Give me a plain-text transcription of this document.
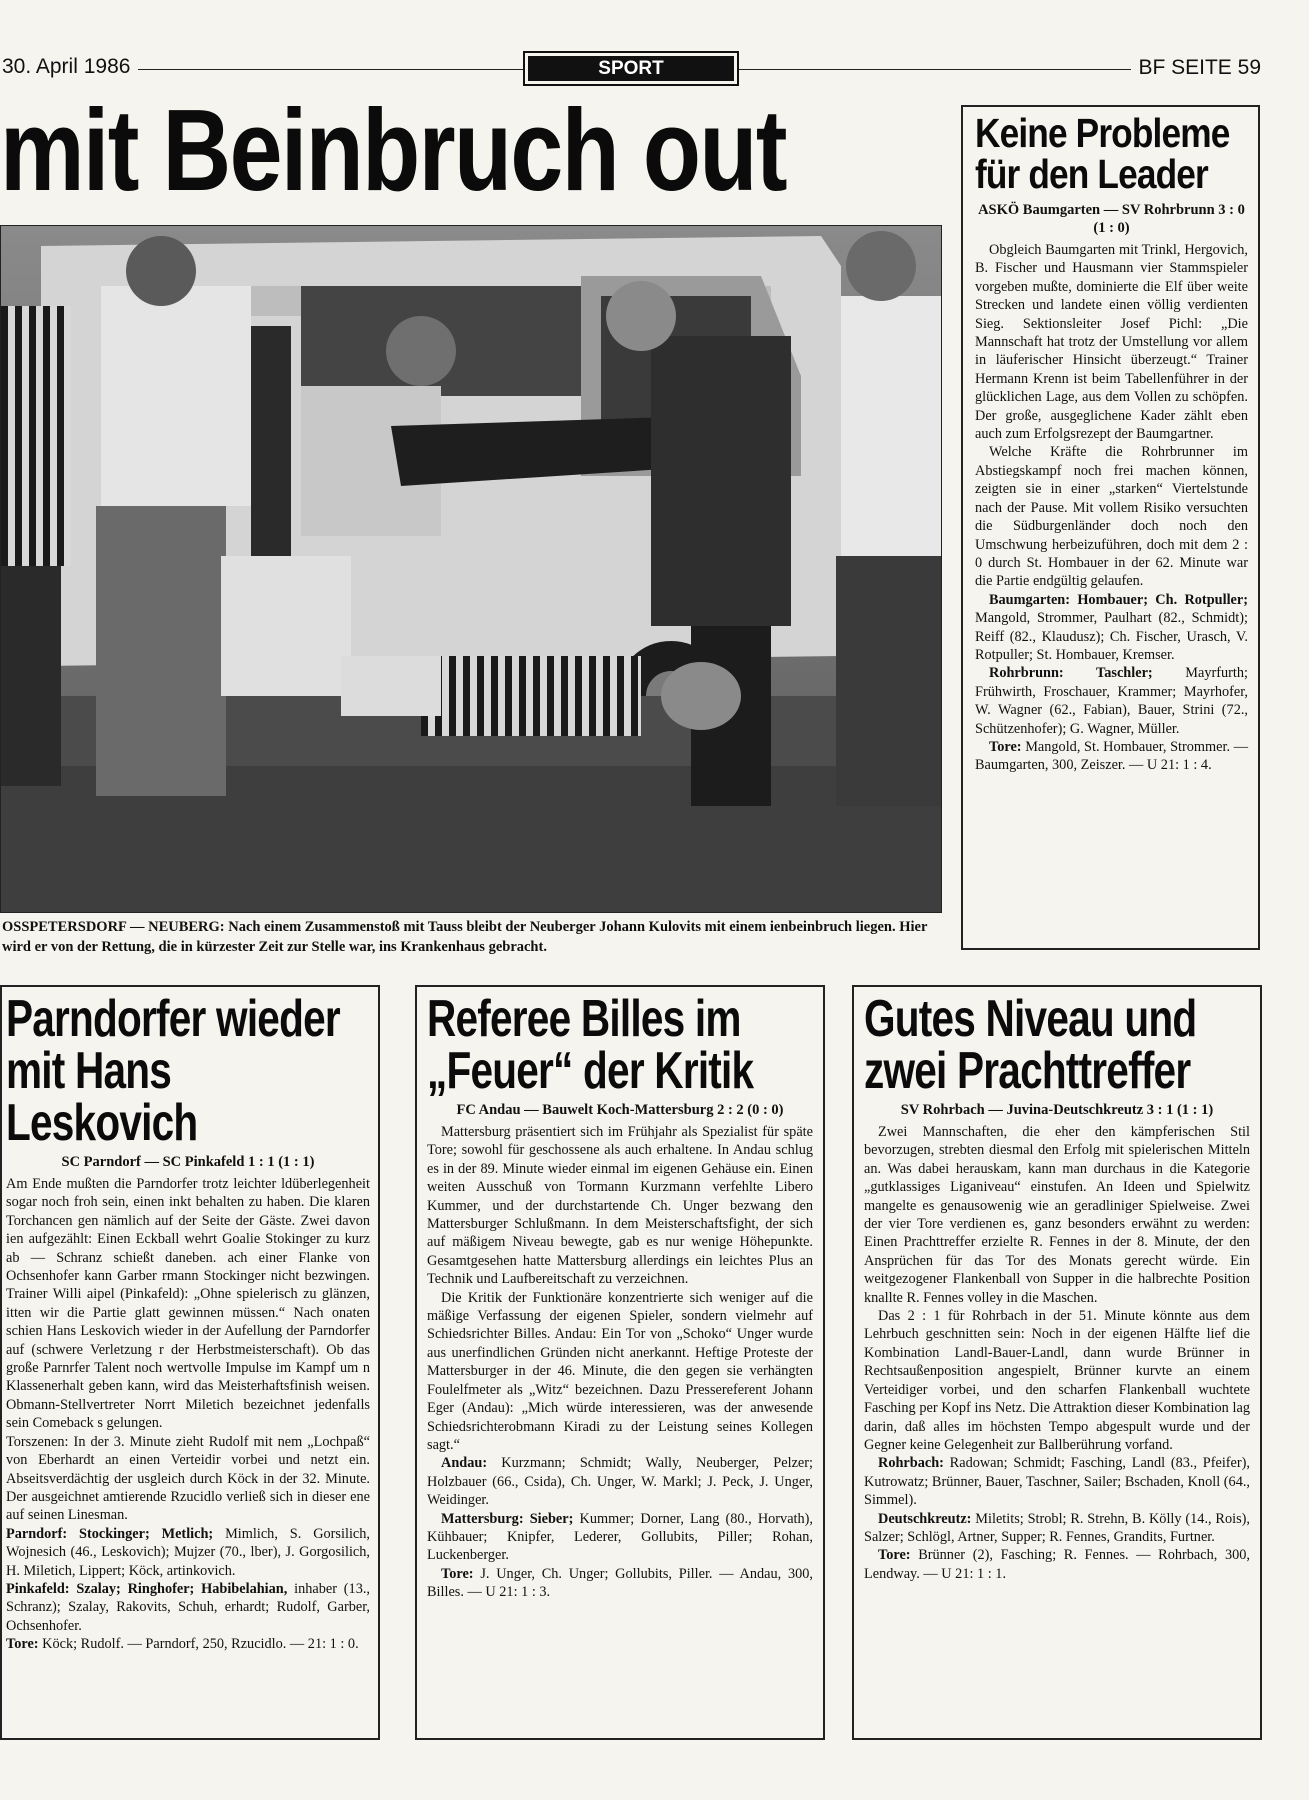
30. April 1986	SPORT	BF SEITE 59
mit Beinbruch out
OSSPETERSDORF — NEUBERG: Nach einem Zusammenstoß mit Tauss bleibt der Neuberger Johann Kulovits mit einem ienbeinbruch liegen. Hier wird er von der Rettung, die in kürzester Zeit zur Stelle war, ins Krankenhaus gebracht.
Keine Probleme für den Leader
ASKÖ Baumgarten — SV Rohrbrunn 3 : 0 (1 : 0)

Obgleich Baumgarten mit Trinkl, Hergovich, B. Fischer und Hausmann vier Stammspieler vorgeben mußte, dominierte die Elf über weite Strecken und landete einen völlig verdienten Sieg. Sektionsleiter Josef Pichl: „Die Mannschaft hat trotz der Umstellung vor allem in läuferischer Hinsicht überzeugt.“ Trainer Hermann Krenn ist beim Tabellenführer in der glücklichen Lage, aus dem Vollen zu schöpfen. Der große, ausgeglichene Kader zählt eben auch zum Erfolgsrezept der Baumgartner.

Welche Kräfte die Rohrbrunner im Abstiegskampf noch frei machen können, zeigten sie in einer „starken“ Viertelstunde nach der Pause. Mit vollem Risiko versuchten die Südburgenländer doch noch den Umschwung herbeizuführen, doch mit dem 2 : 0 durch St. Hombauer in der 62. Minute war die Partie endgültig gelaufen.

Baumgarten: Hombauer; Ch. Rotpuller; Mangold, Strommer, Paulhart (82., Schmidt); Reiff (82., Klaudusz); Ch. Fischer, Urasch, V. Rotpuller; St. Hombauer, Kremser.

Rohrbrunn: Taschler; Mayrfurth; Frühwirth, Froschauer, Krammer; Mayrhofer, W. Wagner (62., Fabian), Bauer, Strini (72., Schützenhofer); G. Wagner, Müller.

Tore: Mangold, St. Hombauer, Strommer. — Baumgarten, 300, Zeiszer. — U 21: 1 : 4.

Parndorfer wieder mit Hans Leskovich
SC Parndorf — SC Pinkafeld 1 : 1 (1 : 1)

Am Ende mußten die Parndorfer trotz leichter ldüberlegenheit sogar noch froh sein, einen inkt behalten zu haben. Die klaren Torchancen gen nämlich auf der Seite der Gäste. Zwei davon ien aufgezählt: Einen Eckball wehrt Goalie Stokinger zu kurz ab — Schranz schießt daneben. ach einer Flanke von Ochsenhofer kann Garber rmann Stockinger nicht bezwingen. Trainer Willi aipel (Pinkafeld): „Ohne spielerisch zu glänzen, itten wir die Partie glatt gewinnen müssen.“ Nach onaten schien Hans Leskovich wieder in der Aufellung der Parndorfer auf (schwere Verletzung r der Herbstmeisterschaft). Ob das große Parnrfer Talent noch wertvolle Impulse im Kampf um n Klassenerhalt geben kann, wird das Meisterhaftsfinish weisen. Obmann-Stellvertreter Norrt Miletich bezeichnet jedenfalls sein Comeback s gelungen.

Torszenen: In der 3. Minute zieht Rudolf mit nem „Lochpaß“ von Eberhardt an einen Verteidir vorbei und netzt ein. Abseitsverdächtig der usgleich durch Köck in der 32. Minute. Der ausgeichnet amtierende Rzucidlo verließ sich in dieser ene auf seinen Linesman.

Parndorf: Stockinger; Metlich; Mimlich, S. Gorsilich, Wojnesich (46., Leskovich); Mujzer (70., lber), J. Gorgosilich, H. Miletich, Lippert; Köck, artinkovich.

Pinkafeld: Szalay; Ringhofer; Habibelahian, inhaber (13., Schranz); Szalay, Rakovits, Schuh, erhardt; Rudolf, Garber, Ochsenhofer.

Tore: Köck; Rudolf. — Parndorf, 250, Rzucidlo. — 21: 1 : 0.

Referee Billes im „Feuer“ der Kritik
FC Andau — Bauwelt Koch-Mattersburg 2 : 2 (0 : 0)

Mattersburg präsentiert sich im Frühjahr als Spezialist für späte Tore; sowohl für geschossene als auch erhaltene. In Andau schlug es in der 89. Minute wieder einmal im eigenen Gehäuse ein. Einen weiten Ausschuß von Tormann Kurzmann verfehlte Libero Kummer, und der durchstartende Ch. Unger bezwang den Mattersburger Schlußmann. In dem Meisterschaftsfight, der sich auf mäßigem Niveau bewegte, gab es nur wenige Höhepunkte. Gesamtgesehen hatte Mattersburg allerdings ein leichtes Plus an Technik und Laufbereitschaft zu verzeichnen.

Die Kritik der Funktionäre konzentrierte sich weniger auf die mäßige Verfassung der eigenen Spieler, sondern vielmehr auf Schiedsrichter Billes. Andau: Ein Tor von „Schoko“ Unger wurde aus unerfindlichen Gründen nicht anerkannt. Heftige Proteste der Mattersburger in der 46. Minute, die den gegen sie verhängten Foulelfmeter als „Witz“ bezeichnen. Dazu Pressereferent Johann Eger (Andau): „Mich würde interessieren, was der anwesende Schiedsrichterobmann Kiradi zu der Leistung seines Kollegen sagt.“

Andau: Kurzmann; Schmidt; Wally, Neuberger, Pelzer; Holzbauer (66., Csida), Ch. Unger, W. Markl; J. Peck, J. Unger, Weidinger.

Mattersburg: Sieber; Kummer; Dorner, Lang (80., Horvath), Kühbauer; Knipfer, Lederer, Gollubits, Piller; Rohan, Luckenberger.

Tore: J. Unger, Ch. Unger; Gollubits, Piller. — Andau, 300, Billes. — U 21: 1 : 3.

Gutes Niveau und zwei Prachttreffer
SV Rohrbach — Juvina-Deutschkreutz 3 : 1 (1 : 1)

Zwei Mannschaften, die eher den kämpferischen Stil bevorzugen, strebten diesmal den Erfolg mit spielerischen Mitteln an. Was dabei herauskam, kann man durchaus in die Kategorie „gutklassiges Liganiveau“ einstufen. An Ideen und Spielwitz mangelte es genausowenig wie an geradliniger Spielweise. Zwei der vier Tore verdienen es, ganz besonders erwähnt zu werden: Einen Prachttreffer erzielte R. Fennes in der 8. Minute, der den Ansprüchen für das Tor des Monats gerecht würde. Ein weitgezogener Flankenball von Supper in die halbrechte Position knallte R. Fennes volley in die Maschen.

Das 2 : 1 für Rohrbach in der 51. Minute könnte aus dem Lehrbuch geschnitten sein: Noch in der eigenen Hälfte lief die Kombination Landl-Bauer-Landl, dann wurde Brünner in Rechtsaußenposition angespielt, Brünner kurvte an einem Verteidiger vorbei, und den scharfen Flankenball wuchtete Fasching per Kopf ins Netz. Die Attraktion dieser Kombination lag darin, daß alles im höchsten Tempo abgespult wurde und der Gegner keine Gelegenheit zur Ballberührung vorfand.

Rohrbach: Radowan; Schmidt; Fasching, Landl (83., Pfeifer), Kutrowatz; Brünner, Bauer, Taschner, Sailer; Bschaden, Knoll (64., Simmel).

Deutschkreutz: Miletits; Strobl; R. Strehn, B. Kölly (14., Rois), Salzer; Schlögl, Artner, Supper; R. Fennes, Grandits, Furtner.

Tore: Brünner (2), Fasching; R. Fennes. — Rohrbach, 300, Lendway. — U 21: 1 : 1.
